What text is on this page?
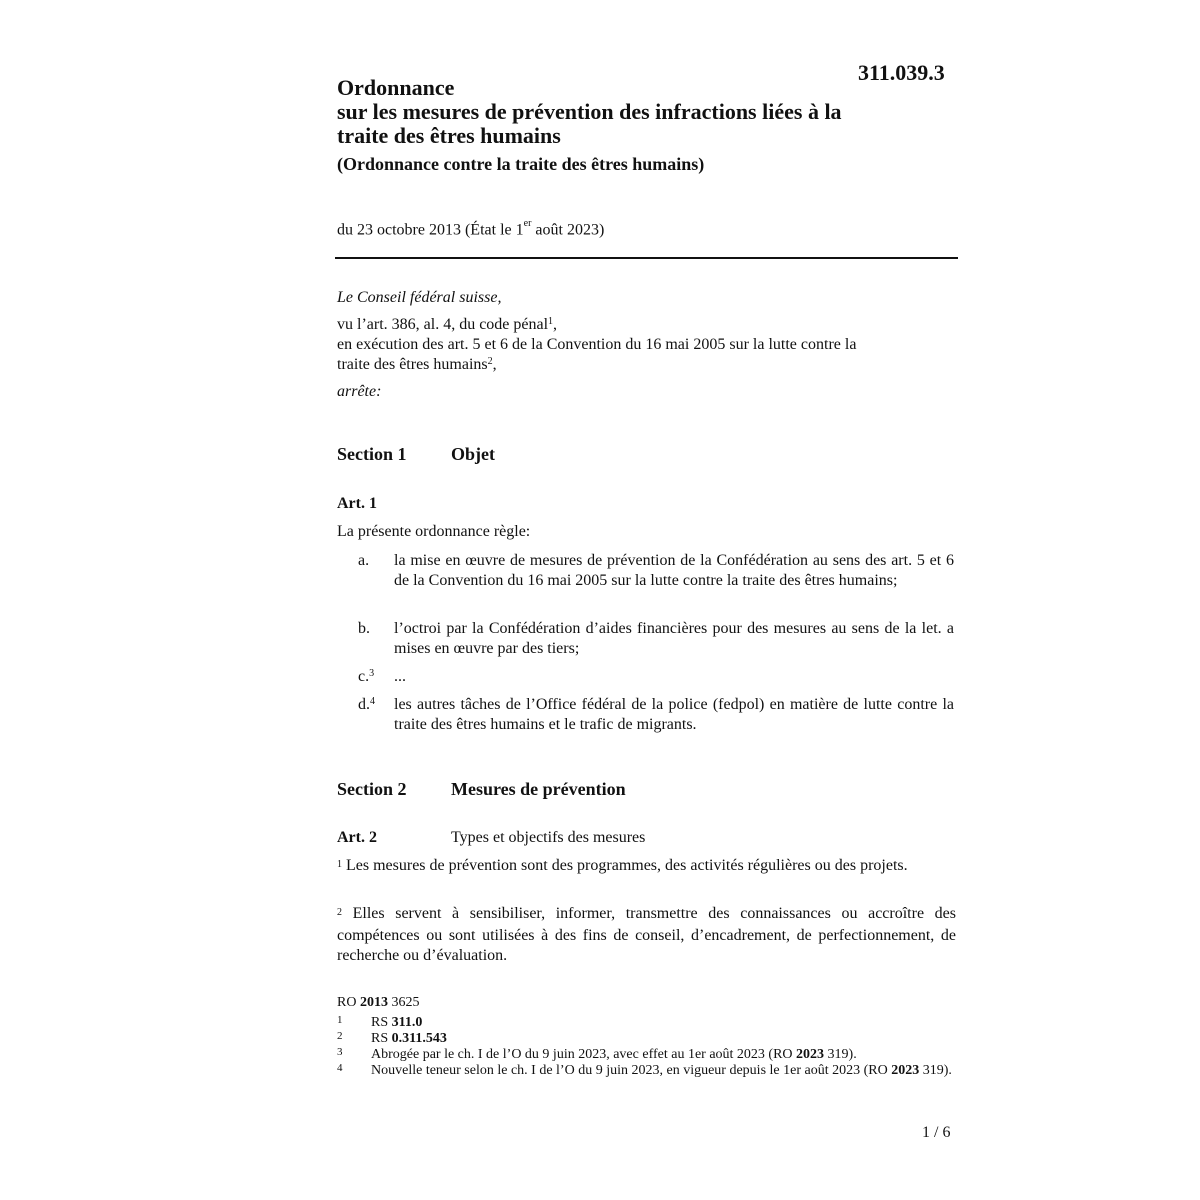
311.039.3
Ordonnance
sur les mesures de prévention des infractions liées à la
traite des êtres humains
(Ordonnance contre la traite des êtres humains)
du 23 octobre 2013 (État le 1er août 2023)
Le Conseil fédéral suisse,
vu l’art. 386, al. 4, du code pénal$^1$,
en exécution des art. 5 et 6 de la Convention du 16 mai 2005 sur la lutte contre la
traite des êtres humains$^2$,
arrête:
Section 1 Objet
Art. 1
La présente ordonnance règle:
a. la mise en œuvre de mesures de prévention de la Confédération au sens des art. 5 et 6 de la Convention du 16 mai 2005 sur la lutte contre la traite des êtres humains;
b. l’octroi par la Confédération d’aides financières pour des mesures au sens de la let. a mises en œuvre par des tiers;
c.$^3$ ...
d.$^4$ les autres tâches de l’Office fédéral de la police (fedpol) en matière de lutte contre la traite des êtres humains et le trafic de migrants.
Section 2 Mesures de prévention
Art. 2	Types et objectifs des mesures
1 Les mesures de prévention sont des programmes, des activités régulières ou des projets.
2 Elles servent à sensibiliser, informer, transmettre des connaissances ou accroître des compétences ou sont utilisées à des fins de conseil, d’encadrement, de perfectionnement, de recherche ou d’évaluation.
RO 2013 3625
1 RS 311.0
2 RS 0.311.543
3 Abrogée par le ch. I de l’O du 9 juin 2023, avec effet au 1er août 2023 (RO 2023 319).
4 Nouvelle teneur selon le ch. I de l’O du 9 juin 2023, en vigueur depuis le 1er août 2023 (RO 2023 319).
1 / 6
